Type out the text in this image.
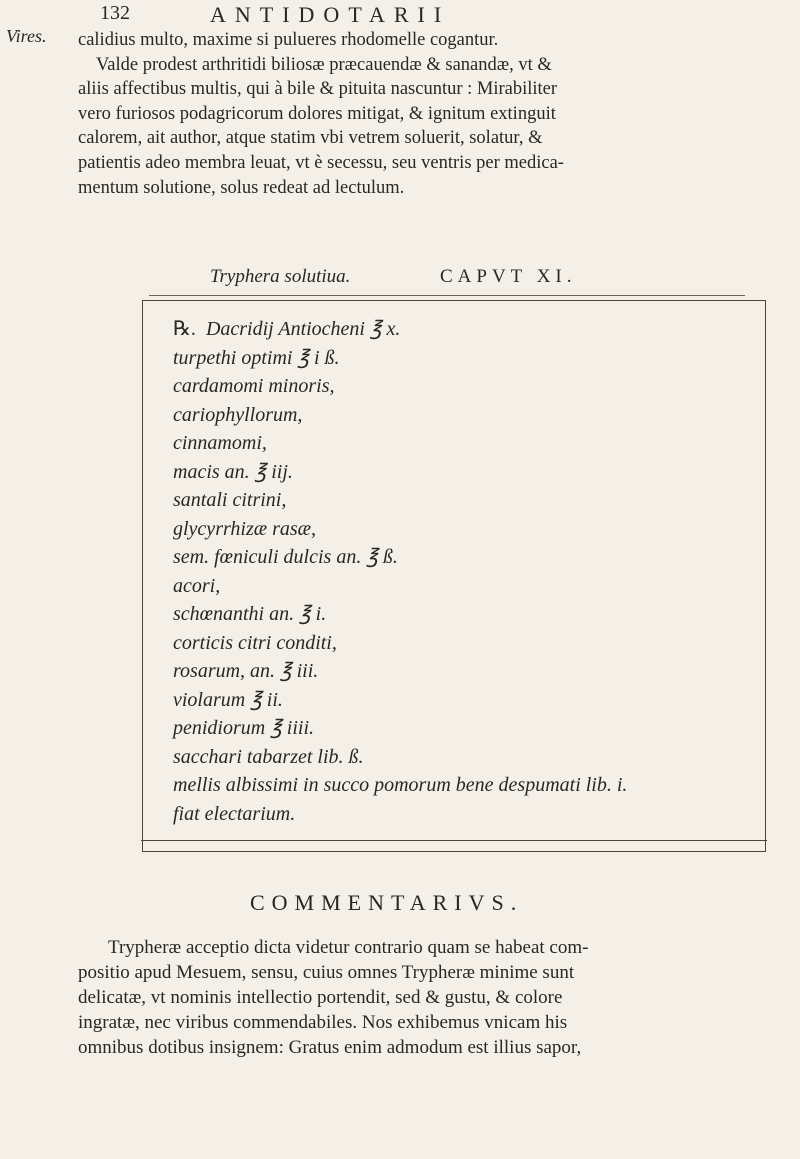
Vires.
132	ANTIDOTARII

calidius multo, maxime si pulueres rhodomelle cogantur.

Valde prodest arthritidi biliosæ præcauendæ & sanandæ, vt &

aliis affectibus multis, qui à bile & pituita nascuntur : Mirabiliter

vero furiosos podagricorum dolores mitigat, & ignitum extinguit

calorem, ait author, atque statim vbi vetrem soluerit, solatur, &

patientis adeo membra leuat, vt è secessu, seu ventris per medica-

mentum solutione, solus redeat ad lectulum.

Tryphera solutiua.	CAPVT XI.
℞. Dacridij Antiocheni ℥ x.
turpethi optimi ℥ i ß.
cardamomi minoris,
cariophyllorum,
cinnamomi,
macis an. ℥ iij.
santali citrini,
glycyrrhizæ rasæ,
sem. fœniculi dulcis an. ℥ ß.
acori,
schœnanthi an. ℥ i.
corticis citri conditi,
rosarum, an. ℥ iii.
violarum ℥ ii.
penidiorum ℥ iiii.
sacchari tabarzet lib. ß.
mellis albissimi in succo pomorum bene despumati lib. i.
fiat electarium.
COMMENTARIVS.

Trypheræ acceptio dicta videtur contrario quam se habeat com-

positio apud Mesuem, sensu, cuius omnes Trypheræ minime sunt

delicatæ, vt nominis intellectio portendit, sed & gustu, & colore

ingratæ, nec viribus commendabiles. Nos exhibemus vnicam his

omnibus dotibus insignem: Gratus enim admodum est illius sapor,
